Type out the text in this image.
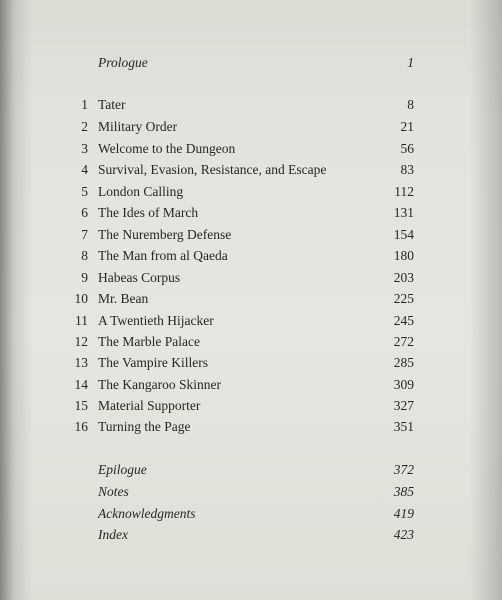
Prologue	1
1 Tater	8
2 Military Order	21
3 Welcome to the Dungeon	56
4 Survival, Evasion, Resistance, and Escape	83
5 London Calling	112
6 The Ides of March	131
7 The Nuremberg Defense	154
8 The Man from al Qaeda	180
9 Habeas Corpus	203
10 Mr. Bean	225
11 A Twentieth Hijacker	245
12 The Marble Palace	272
13 The Vampire Killers	285
14 The Kangaroo Skinner	309
15 Material Supporter	327
16 Turning the Page	351
Epilogue	372
Notes	385
Acknowledgments	419
Index	423
